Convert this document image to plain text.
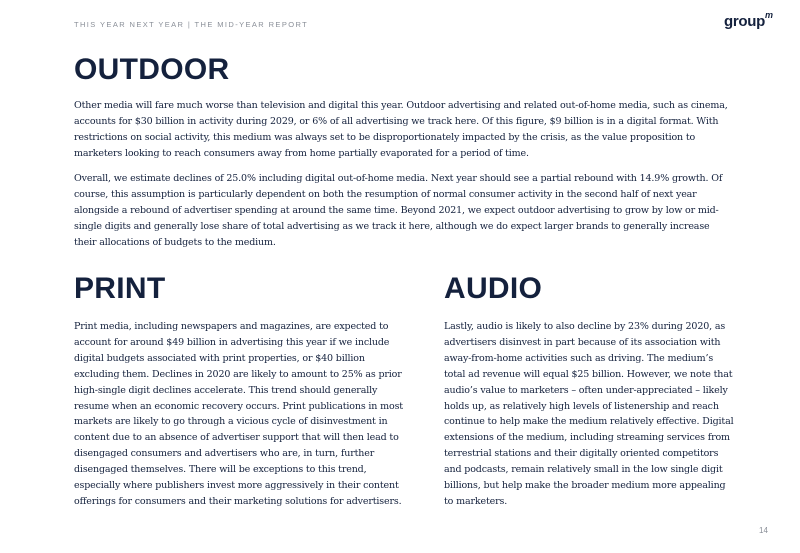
THIS YEAR NEXT YEAR | THE MID-YEAR REPORT	group$^m$
OUTDOOR

Other media will fare much worse than television and digital this year. Outdoor advertising and related out-of-home media, such as cinema, accounts for $30 billion in activity during 2029, or 6% of all advertising we track here. Of this figure, $9 billion is in a digital format. With restrictions on social activity, this medium was always set to be disproportionately impacted by the crisis, as the value proposition to marketers looking to reach consumers away from home partially evaporated for a period of time.

Overall, we estimate declines of 25.0% including digital out-of-home media. Next year should see a partial rebound with 14.9% growth. Of course, this assumption is particularly dependent on both the resumption of normal consumer activity in the second half of next year alongside a rebound of advertiser spending at around the same time. Beyond 2021, we expect outdoor advertising to grow by low or mid-single digits and generally lose share of total advertising as we track it here, although we do expect larger brands to generally increase their allocations of budgets to the medium.

PRINT

Print media, including newspapers and magazines, are expected to account for around $49 billion in advertising this year if we include digital budgets associated with print properties, or $40 billion excluding them. Declines in 2020 are likely to amount to 25% as prior high-single digit declines accelerate. This trend should generally resume when an economic recovery occurs. Print publications in most markets are likely to go through a vicious cycle of disinvestment in content due to an absence of advertiser support that will then lead to disengaged consumers and advertisers who are, in turn, further disengaged themselves. There will be exceptions to this trend, especially where publishers invest more aggressively in their content offerings for consumers and their marketing solutions for advertisers.

AUDIO

Lastly, audio is likely to also decline by 23% during 2020, as advertisers disinvest in part because of its association with away-from-home activities such as driving. The medium’s total ad revenue will equal $25 billion. However, we note that audio’s value to marketers – often under-appreciated – likely holds up, as relatively high levels of listenership and reach continue to help make the medium relatively effective. Digital extensions of the medium, including streaming services from terrestrial stations and their digitally oriented competitors and podcasts, remain relatively small in the low single digit billions, but help make the broader medium more appealing to marketers.

14
